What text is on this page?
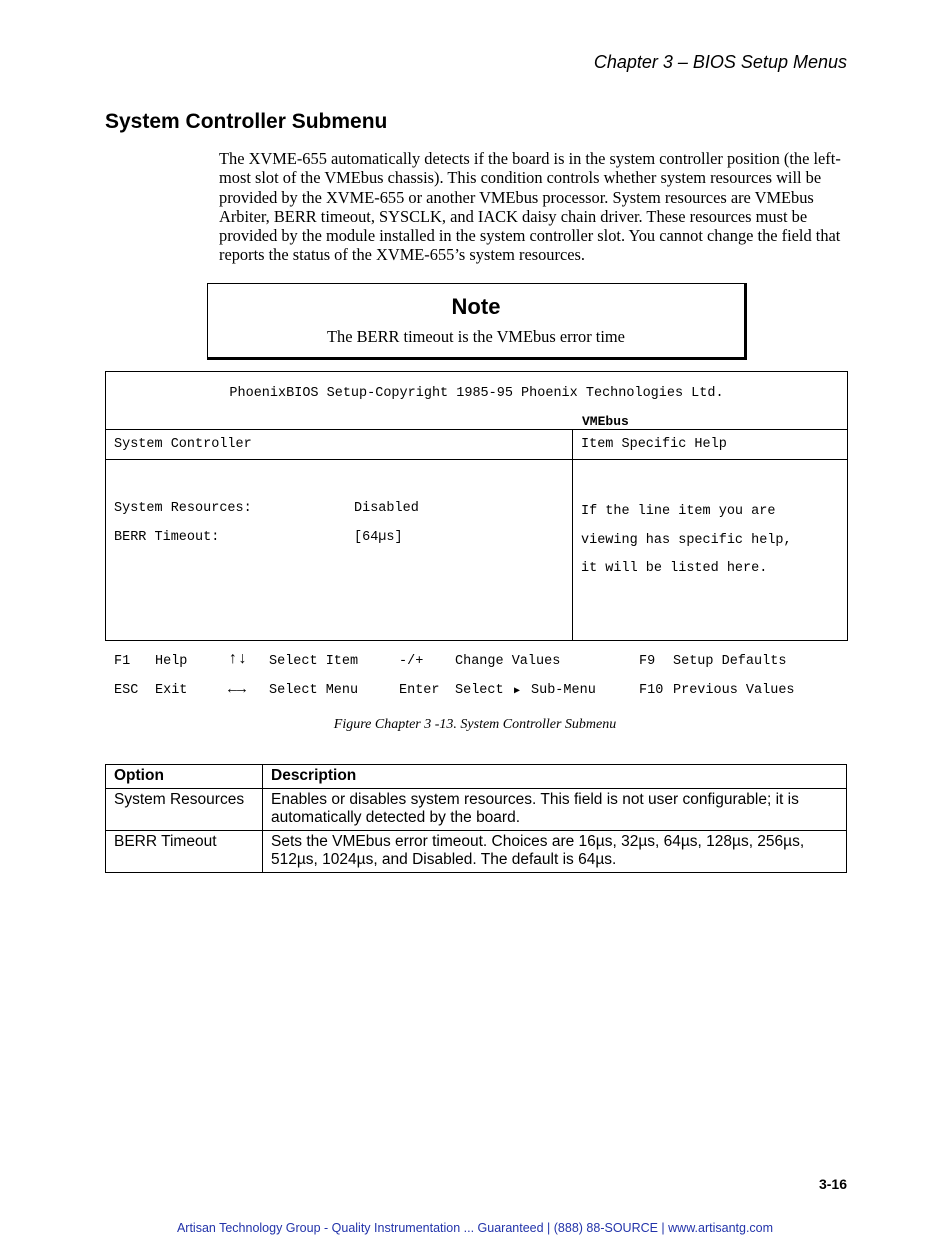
Chapter 3 – BIOS Setup Menus
System Controller Submenu

The XVME-655 automatically detects if the board is in the system controller position (the left-most slot of the VMEbus chassis). This condition controls whether system resources will be provided by the XVME-655 or another VMEbus processor. System resources are VMEbus Arbiter, BERR timeout, SYSCLK, and IACK daisy chain driver. These resources must be provided by the module installed in the system controller slot. You cannot change the field that reports the status of the XVME-655’s system resources.

Note
The BERR timeout is the VMEbus error time
PhoenixBIOS Setup-Copyright 1985-95 Phoenix Technologies Ltd.
VMEbus
System Controller	Item Specific Help
System Resources:	Disabled
BERR Timeout:	[64µs]
If the line item you are
viewing has specific help,
it will be listed here.
F1 Help	↑↓ Select Item	-/+ Change Values	F9 Setup Defaults
ESC Exit	←→ Select Menu	Enter Select ▶ Sub-Menu	F10 Previous Values
Figure Chapter 3 -13. System Controller Submenu
Option	Description
System Resources	Enables or disables system resources. This field is not user configurable; it is automatically detected by the board.
BERR Timeout	Sets the VMEbus error timeout. Choices are 16µs, 32µs, 64µs, 128µs, 256µs, 512µs, 1024µs, and Disabled. The default is 64µs.
3-16
Artisan Technology Group - Quality Instrumentation ... Guaranteed | (888) 88-SOURCE | www.artisantg.com
